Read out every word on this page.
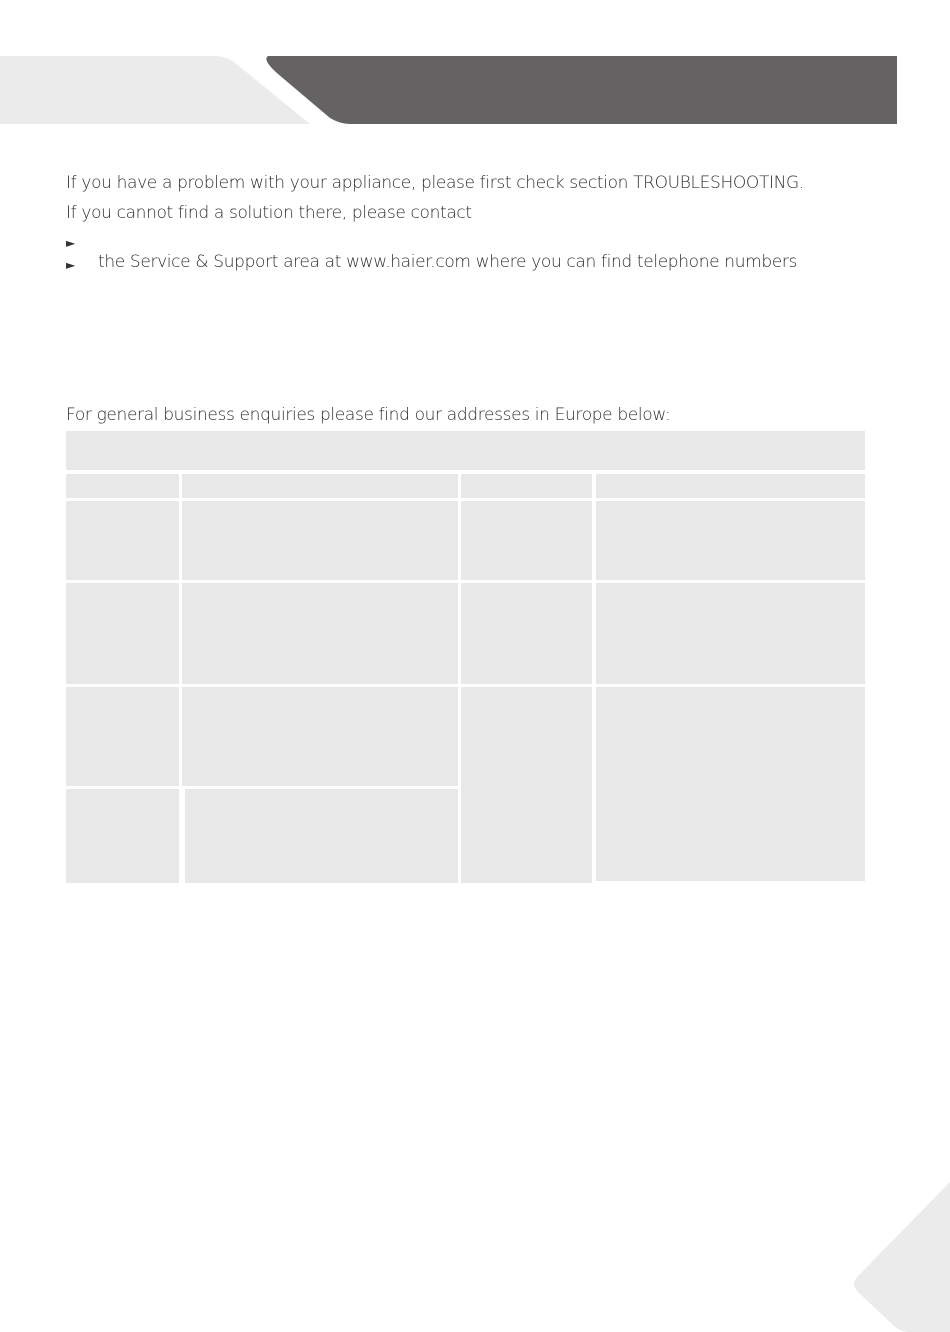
If you have a problem with your appliance, please first check section TROUBLESHOOTING.

If you cannot find a solution there, please contact

►

► the Service & Support area at www.haier.com where you can find telephone numbers

For general business enquiries please find our addresses in Europe below:
